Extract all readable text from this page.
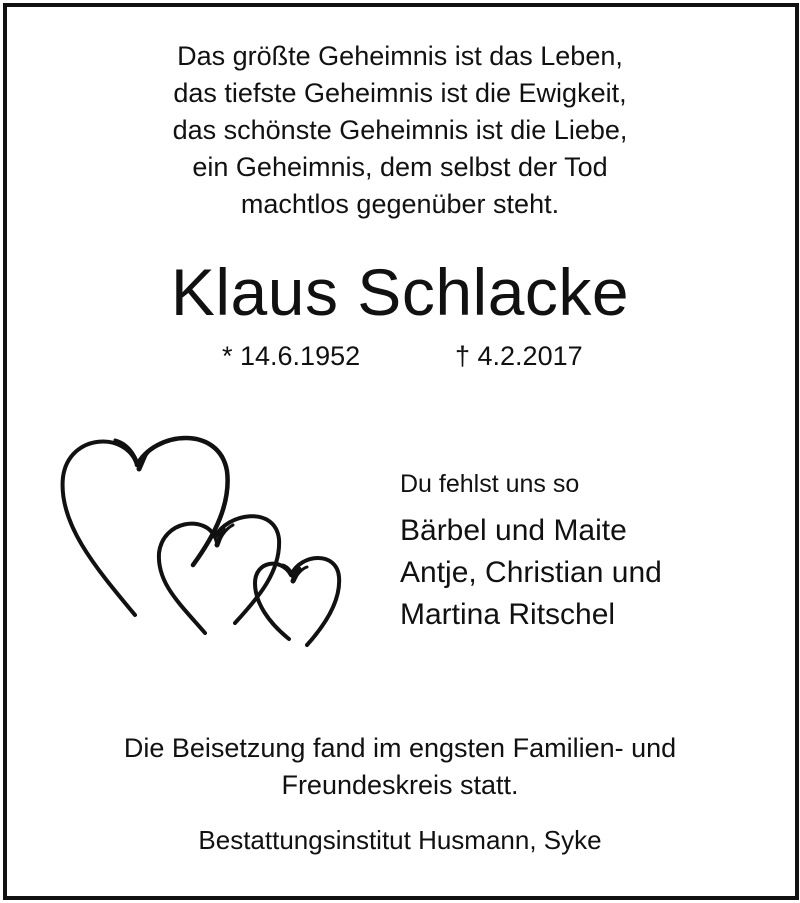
Das größte Geheimnis ist das Leben,
das tiefste Geheimnis ist die Ewigkeit,
das schönste Geheimnis ist die Liebe,
ein Geheimnis, dem selbst der Tod
machtlos gegenüber steht.
Klaus Schlacke
* 14.6.1952	† 4.2.2017
Du fehlst uns so
Bärbel und Maite
Antje, Christian und
Martina Ritschel
Die Beisetzung fand im engsten Familien- und
Freundeskreis statt.
Bestattungsinstitut Husmann, Syke
